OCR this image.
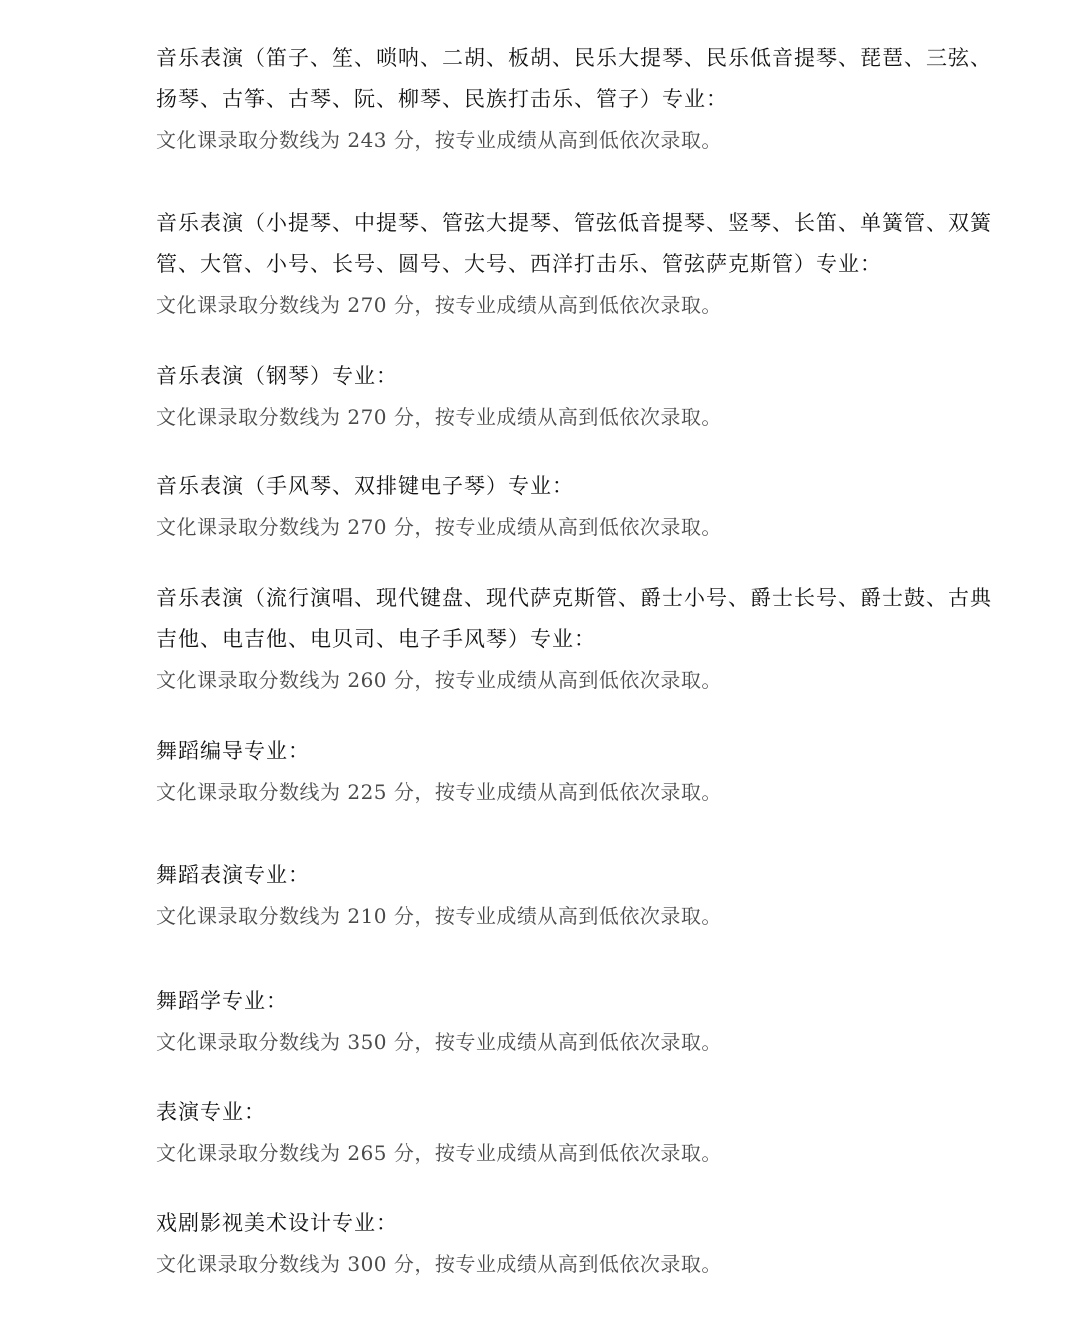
音乐表演（笛子、笙、唢呐、二胡、板胡、民乐大提琴、民乐低音提琴、琵琶、三弦、
扬琴、古筝、古琴、阮、柳琴、民族打击乐、管子）专业：
文化课录取分数线为 243 分，按专业成绩从高到低依次录取。
音乐表演（小提琴、中提琴、管弦大提琴、管弦低音提琴、竖琴、长笛、单簧管、双簧
管、大管、小号、长号、圆号、大号、西洋打击乐、管弦萨克斯管）专业：
文化课录取分数线为 270 分，按专业成绩从高到低依次录取。
音乐表演（钢琴）专业：
文化课录取分数线为 270 分，按专业成绩从高到低依次录取。
音乐表演（手风琴、双排键电子琴）专业：
文化课录取分数线为 270 分，按专业成绩从高到低依次录取。
音乐表演（流行演唱、现代键盘、现代萨克斯管、爵士小号、爵士长号、爵士鼓、古典
吉他、电吉他、电贝司、电子手风琴）专业：
文化课录取分数线为 260 分，按专业成绩从高到低依次录取。
舞蹈编导专业：
文化课录取分数线为 225 分，按专业成绩从高到低依次录取。
舞蹈表演专业：
文化课录取分数线为 210 分，按专业成绩从高到低依次录取。
舞蹈学专业：
文化课录取分数线为 350 分，按专业成绩从高到低依次录取。
表演专业：
文化课录取分数线为 265 分，按专业成绩从高到低依次录取。
戏剧影视美术设计专业：
文化课录取分数线为 300 分，按专业成绩从高到低依次录取。
